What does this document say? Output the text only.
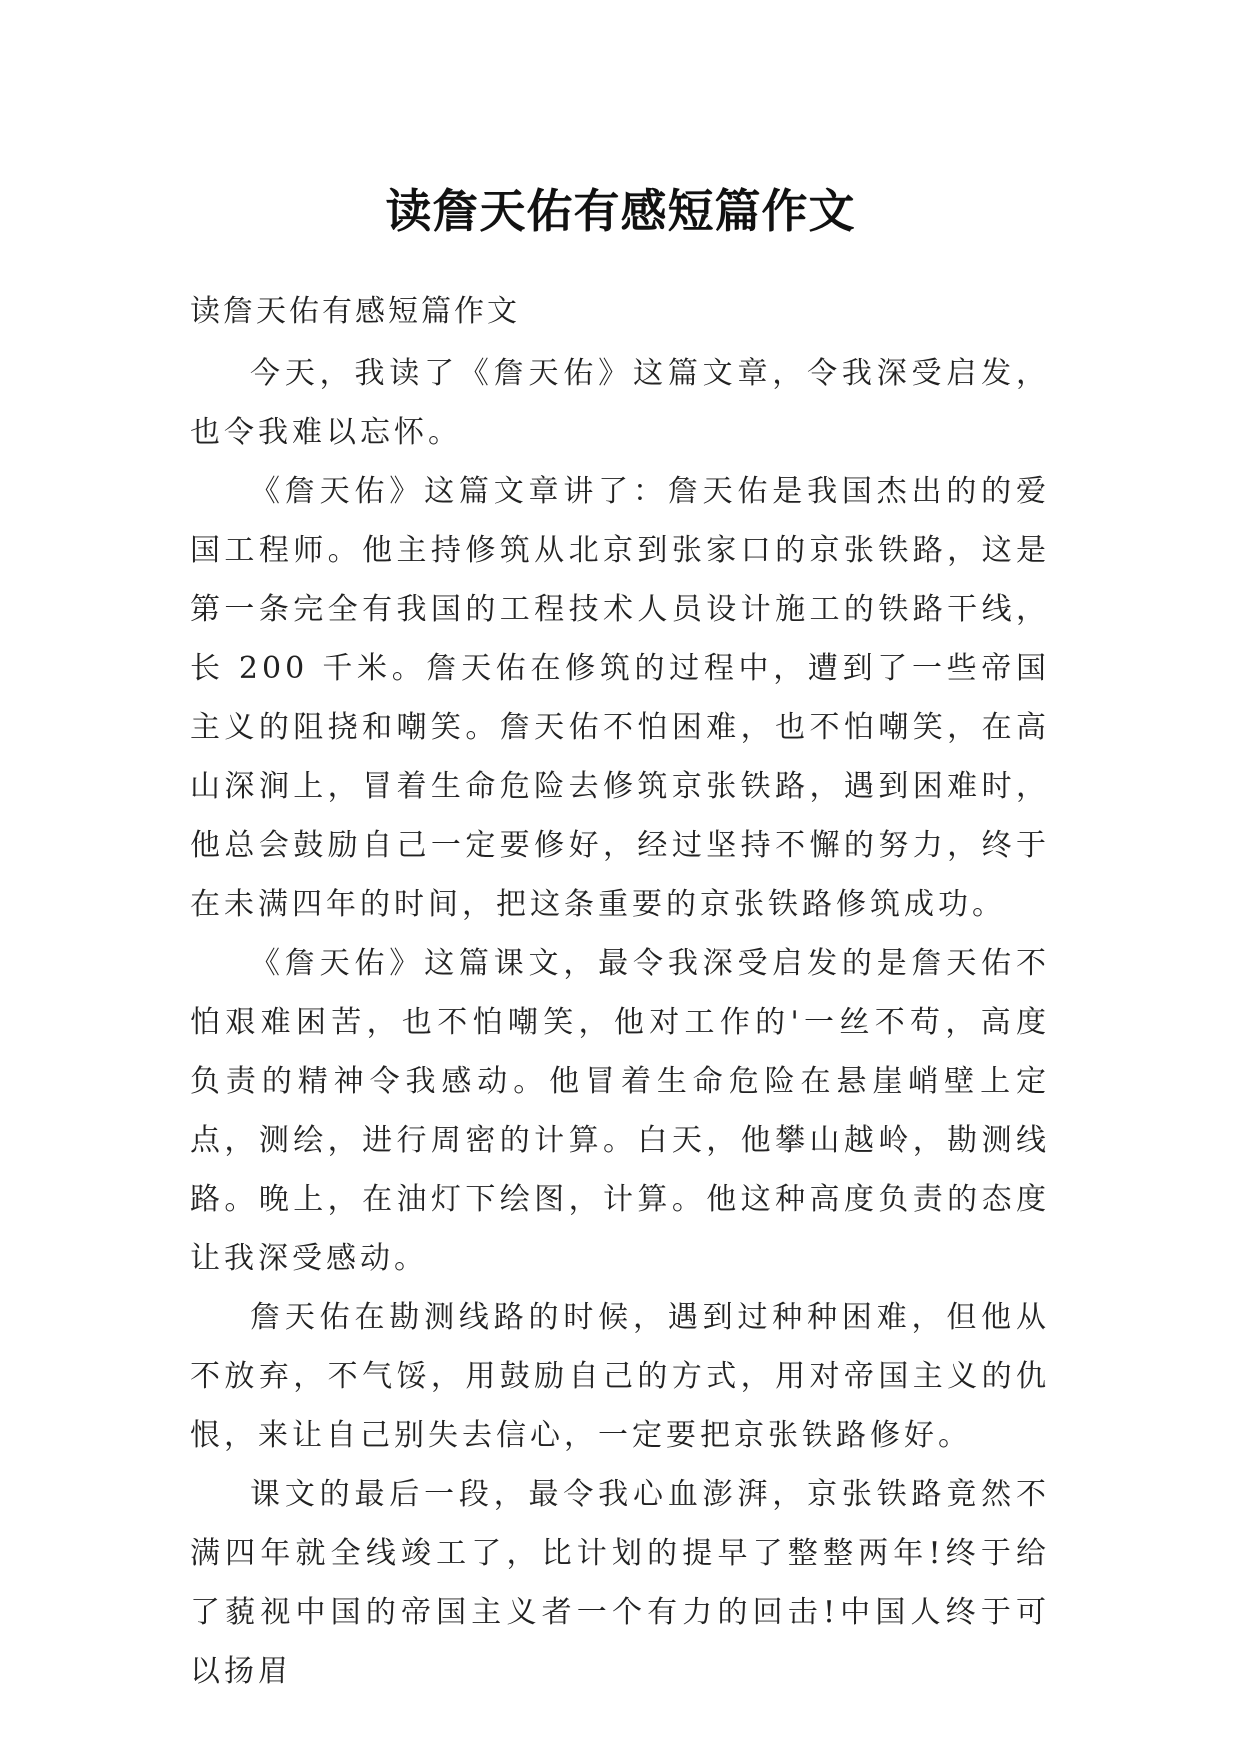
读詹天佑有感短篇作文

读詹天佑有感短篇作文

今天，我读了《詹天佑》这篇文章，令我深受启发，也令我难以忘怀。

《詹天佑》这篇文章讲了：詹天佑是我国杰出的的爱国工程师。他主持修筑从北京到张家口的京张铁路，这是第一条完全有我国的工程技术人员设计施工的铁路干线，长 200 千米。詹天佑在修筑的过程中，遭到了一些帝国主义的阻挠和嘲笑。詹天佑不怕困难，也不怕嘲笑，在高山深涧上，冒着生命危险去修筑京张铁路，遇到困难时，他总会鼓励自己一定要修好，经过坚持不懈的努力，终于在未满四年的时间，把这条重要的京张铁路修筑成功。

《詹天佑》这篇课文，最令我深受启发的是詹天佑不怕艰难困苦，也不怕嘲笑，他对工作的'一丝不苟，高度负责的精神令我感动。他冒着生命危险在悬崖峭壁上定点，测绘，进行周密的计算。白天，他攀山越岭，勘测线路。晚上，在油灯下绘图，计算。他这种高度负责的态度让我深受感动。

詹天佑在勘测线路的时候，遇到过种种困难，但他从不放弃，不气馁，用鼓励自己的方式，用对帝国主义的仇恨，来让自己别失去信心，一定要把京张铁路修好。

课文的最后一段，最令我心血澎湃，京张铁路竟然不满四年就全线竣工了，比计划的提早了整整两年!终于给了藐视中国的帝国主义者一个有力的回击!中国人终于可以扬眉
